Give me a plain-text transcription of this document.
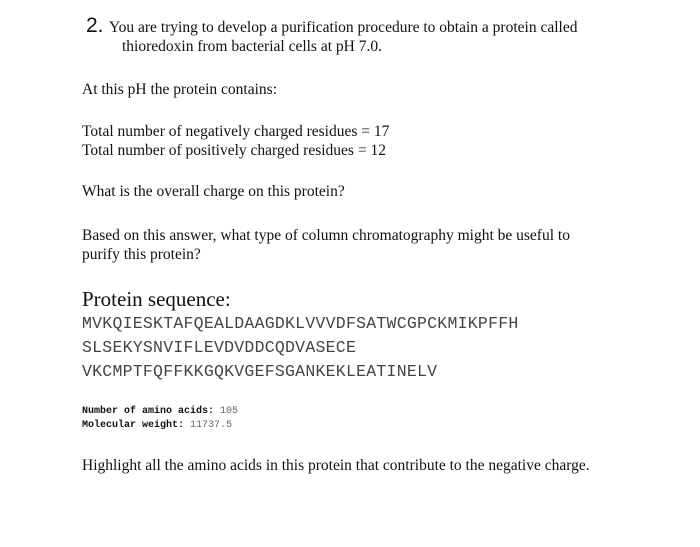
2. You are trying to develop a purification procedure to obtain a protein called
thioredoxin from bacterial cells at pH 7.0.
At this pH the protein contains:
Total number of negatively charged residues = 17
Total number of positively charged residues = 12
What is the overall charge on this protein?
Based on this answer, what type of column chromatography might be useful to
purify this protein?
Protein sequence:
MVKQIESKTAFQEALDAAGDKLVVVDFSATWCGPCKMIKPFFH
SLSEKYSNVIFLEVDVDDCQDVASECE
VKCMPTFQFFKKGQKVGEFSGANKEKLEATINELV
Number of amino acids: 105
Molecular weight: 11737.5
Highlight all the amino acids in this protein that contribute to the negative charge.
